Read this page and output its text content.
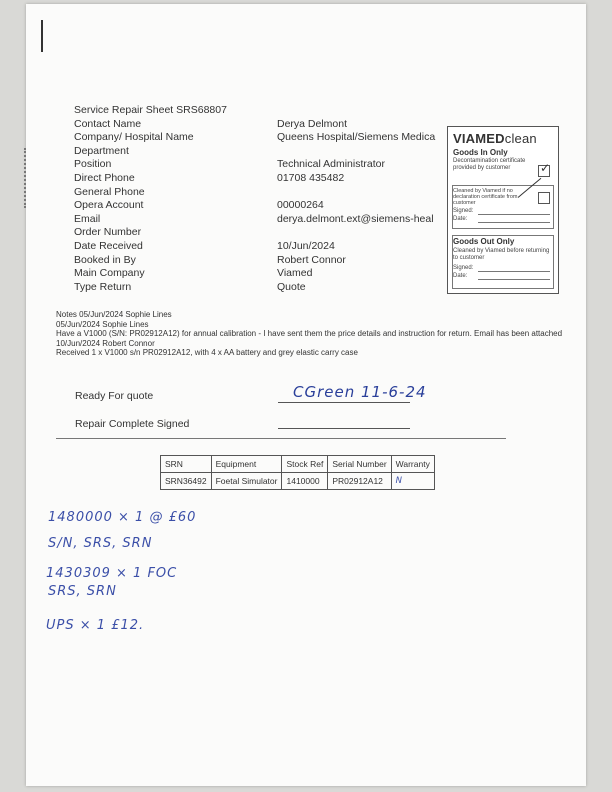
Service Repair Sheet SRS68807
Contact Name	Derya Delmont
Company/ Hospital Name	Queens Hospital/Siemens Medica
Department
Position	Technical Administrator
Direct Phone	01708 435482
General Phone
Opera Account	00000264
Email	derya.delmont.ext@siemens-heal
Order Number
Date Received	10/Jun/2024
Booked in By	Robert Connor
Main Company	Viamed
Type Return	Quote
VIAMEDclean
Goods In Only
Decontamination certificate provided by customer	✓
Cleaned by Viamed if no declaration certificate from customer
Signed:
Date:
Goods Out Only
Cleaned by Viamed before returning to customer
Signed:
Date:
Notes 05/Jun/2024 Sophie Lines
05/Jun/2024 Sophie Lines
Have a V1000 (S/N: PR02912A12) for annual calibration - I have sent them the price details and instruction for return. Email has been attached
10/Jun/2024 Robert Connor
Received 1 x V1000 s/n PR02912A12, with 4 x AA battery and grey elastic carry case
Ready For quote	CGreen 11-6-24
Repair Complete Signed
SRN	Equipment	Stock Ref	Serial Number	Warranty
SRN36492	Foetal Simulator	1410000	PR02912A12	N
1480000 × 1 @ £60
S/N, SRS, SRN
1430309 × 1 FOC
SRS, SRN
UPS × 1 £12.
